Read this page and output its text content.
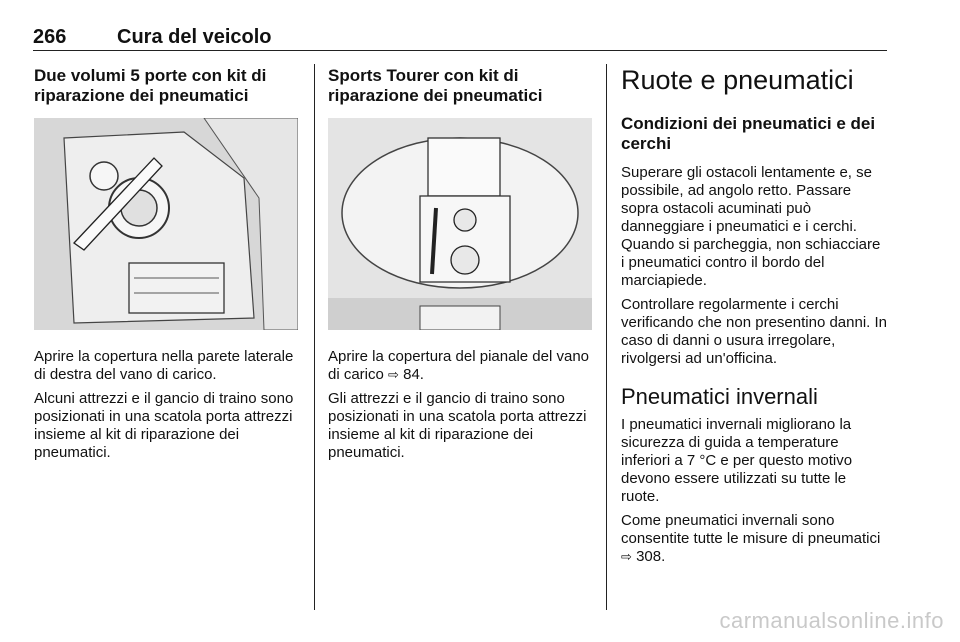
266	Cura del veicolo
Due volumi 5 porte con kit di riparazione dei pneumatici

Aprire la copertura nella parete laterale di destra del vano di carico.

Alcuni attrezzi e il gancio di traino sono posizionati in una scatola porta attrezzi insieme al kit di riparazione dei pneumatici.

Sports Tourer con kit di riparazione dei pneumatici

Aprire la copertura del pianale del vano di carico ⇨ 84.

Gli attrezzi e il gancio di traino sono posizionati in una scatola porta attrezzi insieme al kit di riparazione dei pneumatici.

Ruote e pneumatici
Condizioni dei pneumatici e dei cerchi

Superare gli ostacoli lentamente e, se possibile, ad angolo retto. Passare sopra ostacoli acuminati può danneggiare i pneumatici e i cerchi. Quando si parcheggia, non schiacciare i pneumatici contro il bordo del marciapiede.

Controllare regolarmente i cerchi verificando che non presentino danni. In caso di danni o usura irregolare, rivolgersi ad un'officina.

Pneumatici invernali

I pneumatici invernali migliorano la sicurezza di guida a temperature inferiori a 7 °C e per questo motivo devono essere utilizzati su tutte le ruote.

Come pneumatici invernali sono consentite tutte le misure di pneumatici ⇨ 308.

carmanualsonline.info
